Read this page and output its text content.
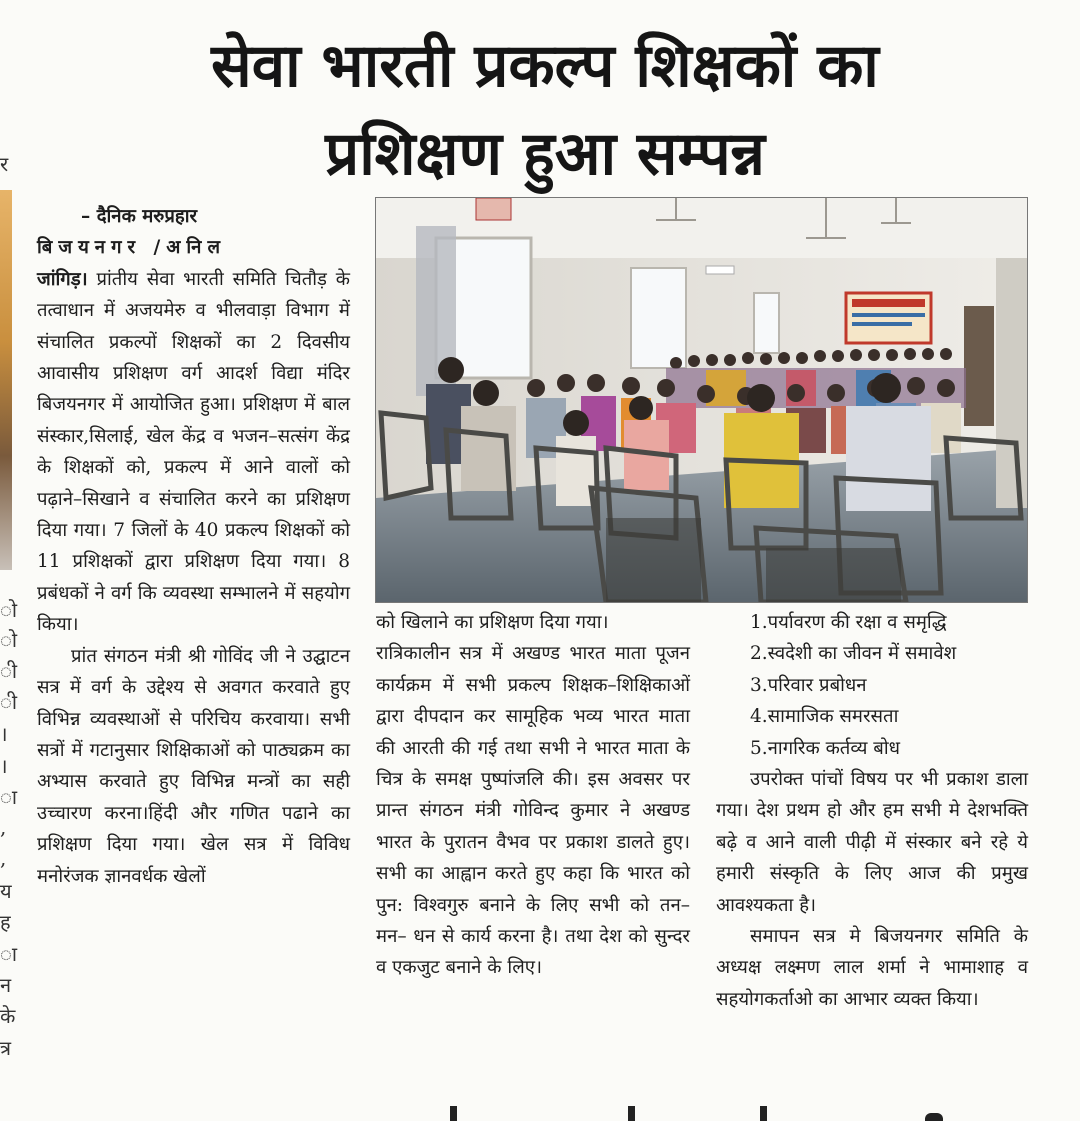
र
ो
ो
ी
ी
।
।
ा
,
,
य
ह
ा
न
के
त्र
सेवा भारती प्रकल्प शिक्षकों का
प्रशिक्षण हुआ सम्पन्न

– दैनिक मरुप्रहार

बिजयनगर /अनिल

जांगिड़। प्रांतीय सेवा भारती समिति चितौड़ के तत्वाधान में अजयमेरु व भीलवाड़ा विभाग में संचालित प्रकल्पों शिक्षकों का 2 दिवसीय आवासीय प्रशिक्षण वर्ग आदर्श विद्या मंदिर बिजयनगर में आयोजित हुआ। प्रशिक्षण में बाल संस्कार,सिलाई, खेल केंद्र व भजन–सत्संग केंद्र के शिक्षकों को, प्रकल्प में आने वालों को पढ़ाने–सिखाने व संचालित करने का प्रशिक्षण दिया गया। 7 जिलों के 40 प्रकल्प शिक्षकों को 11 प्रशिक्षकों द्वारा प्रशिक्षण दिया गया। 8 प्रबंधकों ने वर्ग कि व्यवस्था सम्भालने में सहयोग किया।

प्रांत संगठन मंत्री श्री गोविंद जी ने उद्घाटन सत्र में वर्ग के उद्देश्य से अवगत करवाते हुए विभिन्न व्यवस्थाओं से परिचिय करवाया। सभी सत्रों में गटानुसार शिक्षिकाओं को पाठ्यक्रम का अभ्यास करवाते हुए विभिन्न मन्त्रों का सही उच्चारण करना।हिंदी और गणित पढाने का प्रशिक्षण दिया गया। खेल सत्र में विविध मनोरंजक ज्ञानवर्धक खेलों

को खिलाने का प्रशिक्षण दिया गया।

रात्रिकालीन सत्र में अखण्ड भारत माता पूजन कार्यक्रम में सभी प्रकल्प शिक्षक–शिक्षिकाओं द्वारा दीपदान कर सामूहिक भव्य भारत माता की आरती की गई तथा सभी ने भारत माता के चित्र के समक्ष पुष्पांजलि की। इस अवसर पर प्रान्त संगठन मंत्री गोविन्द कुमार ने अखण्ड भारत के पुरातन वैभव पर प्रकाश डालते हुए। सभी का आह्वान करते हुए कहा कि भारत को पुन: विश्वगुरु बनाने के लिए सभी को तन– मन– धन से कार्य करना है। तथा देश को सुन्दर व एकजुट बनाने के लिए।

1.पर्यावरण की रक्षा व समृद्धि

2.स्वदेशी का जीवन में समावेश

3.परिवार प्रबोधन

4.सामाजिक समरसता

5.नागरिक कर्तव्य बोध

उपरोक्त पांचों विषय पर भी प्रकाश डाला गया। देश प्रथम हो और हम सभी मे देशभक्ति बढ़े व आने वाली पीढ़ी में संस्कार बने रहे ये हमारी संस्कृति के लिए आज की प्रमुख आवश्यकता है।

समापन सत्र मे बिजयनगर समिति के अध्यक्ष लक्ष्मण लाल शर्मा ने भामाशाह व सहयोगकर्ताओ का आभार व्यक्त किया।
